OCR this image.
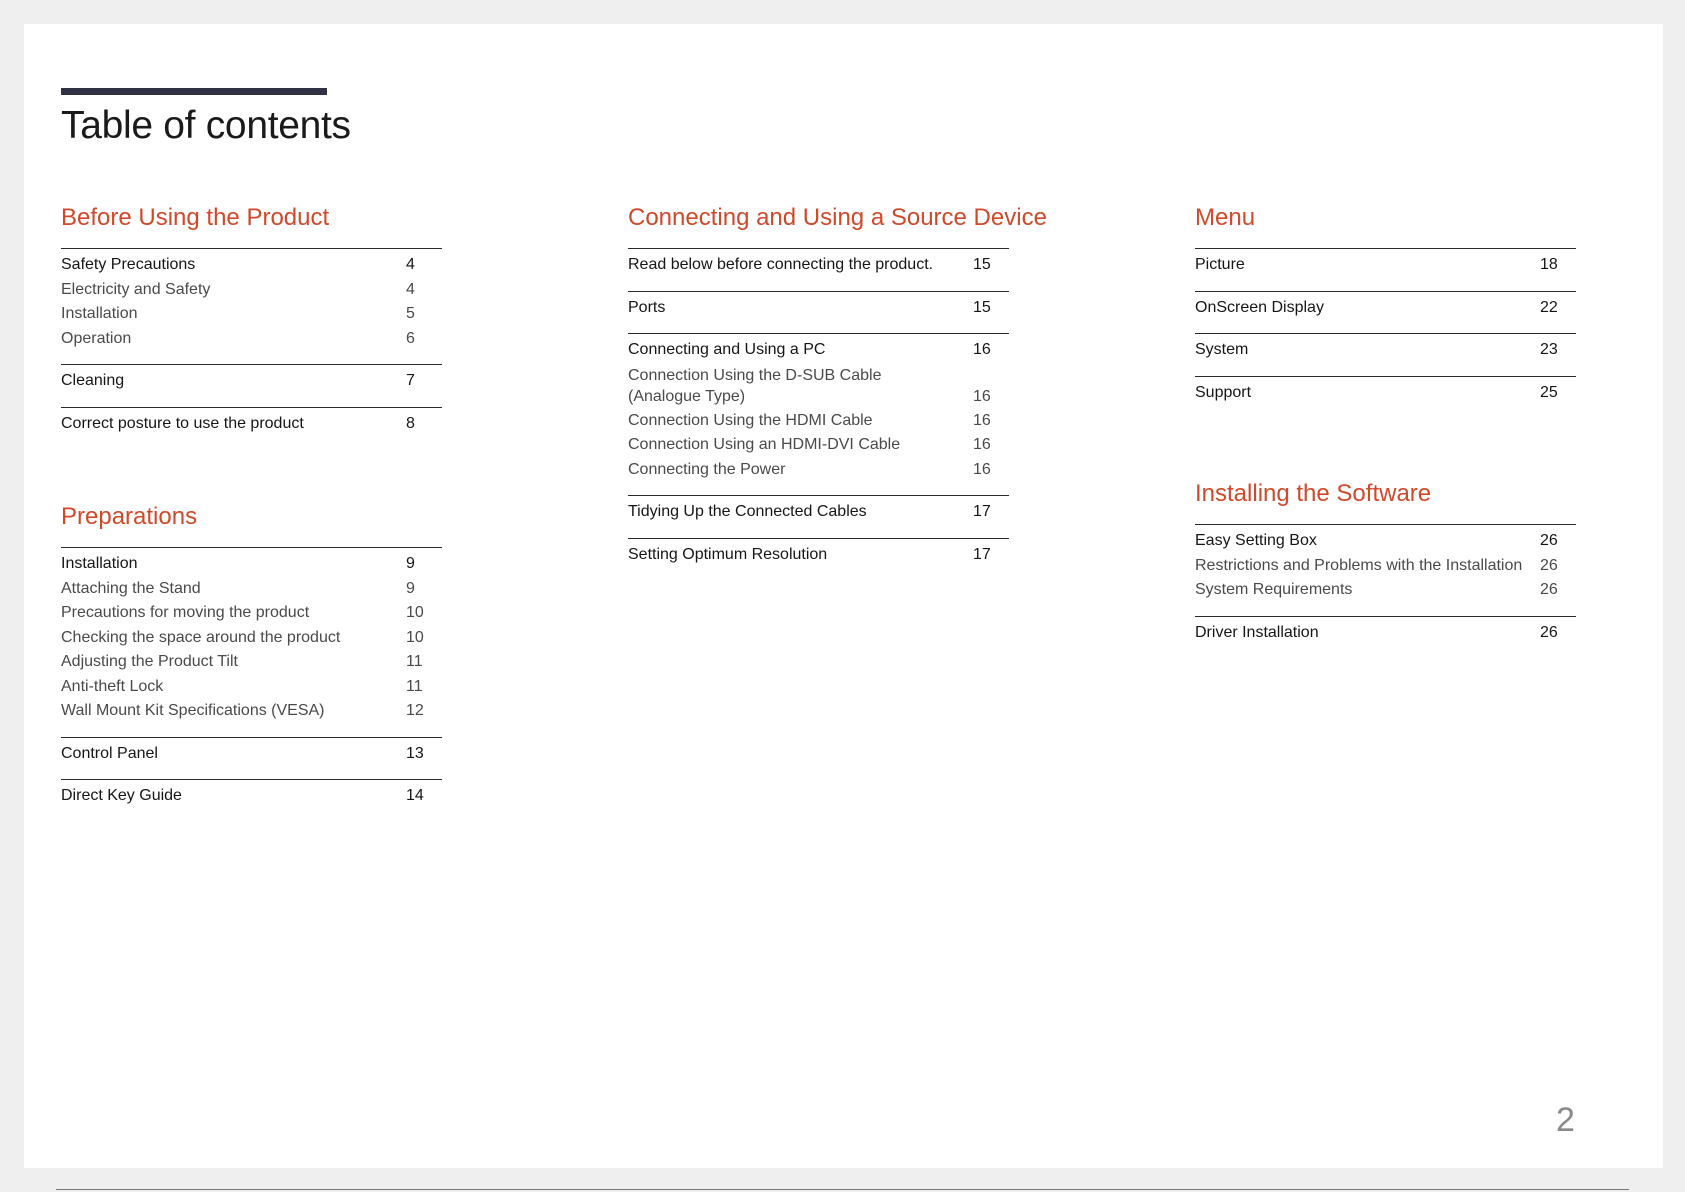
Table of contents
Before Using the Product
Safety Precautions	4
Electricity and Safety	4
Installation	5
Operation	6
Cleaning	7
Correct posture to use the product	8
Preparations
Installation	9
Attaching the Stand	9
Precautions for moving the product	10
Checking the space around the product	10
Adjusting the Product Tilt	11
Anti-theft Lock	11
Wall Mount Kit Specifications (VESA)	12
Control Panel	13
Direct Key Guide	14
Connecting and Using a Source Device
Read below before connecting the product.	15
Ports	15
Connecting and Using a PC	16
Connection Using the D-SUB Cable (Analogue Type)	16
Connection Using the HDMI Cable	16
Connection Using an HDMI-DVI Cable	16
Connecting the Power	16
Tidying Up the Connected Cables	17
Setting Optimum Resolution	17
Menu
Picture	18
OnScreen Display	22
System	23
Support	25
Installing the Software
Easy Setting Box	26
Restrictions and Problems with the Installation	26
System Requirements	26
Driver Installation	26
2
